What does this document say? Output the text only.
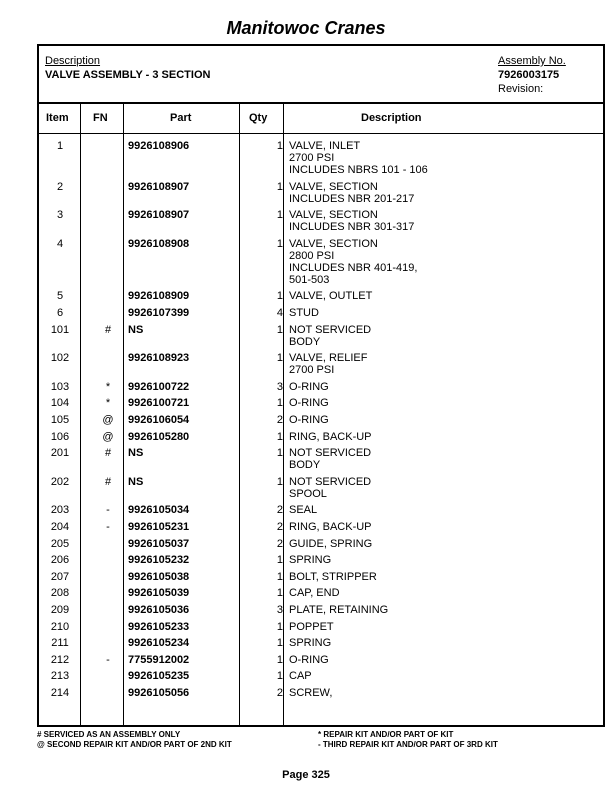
Manitowoc Cranes
Description
VALVE ASSEMBLY - 3 SECTION
Assembly No.
7926003175
Revision:
Item FN	Part	Qty	Description
1	9926108906	1 VALVE, INLET
2700 PSI
INCLUDES NBRS 101 - 106
2	9926108907	1 VALVE, SECTION
INCLUDES NBR 201-217
3	9926108907	1 VALVE, SECTION
INCLUDES NBR 301-317
4	9926108908	1 VALVE, SECTION
2800 PSI
INCLUDES NBR 401-419,
501-503
5	9926108909	1 VALVE, OUTLET
6	9926107399	4 STUD
101	# NS	1 NOT SERVICED
BODY
102	9926108923	1 VALVE, RELIEF
2700 PSI
103	* 9926100722	3 O-RING
104	* 9926100721	1 O-RING
105	@ 9926106054	2 O-RING
106	@ 9926105280	1 RING, BACK-UP
201	# NS	1 NOT SERVICED
BODY
202	# NS	1 NOT SERVICED
SPOOL
203	- 9926105034	2 SEAL
204	- 9926105231	2 RING, BACK-UP
205	9926105037	2 GUIDE, SPRING
206	9926105232	1 SPRING
207	9926105038	1 BOLT, STRIPPER
208	9926105039	1 CAP, END
209	9926105036	3 PLATE, RETAINING
210	9926105233	1 POPPET
211	9926105234	1 SPRING
212	- 7755912002	1 O-RING
213	9926105235	1 CAP
214	9926105056	2 SCREW,
# SERVICED AS AN ASSEMBLY ONLY
@ SECOND REPAIR KIT AND/OR PART OF 2ND KIT
* REPAIR KIT AND/OR PART OF KIT
- THIRD REPAIR KIT AND/OR PART OF 3RD KIT
Page 325
